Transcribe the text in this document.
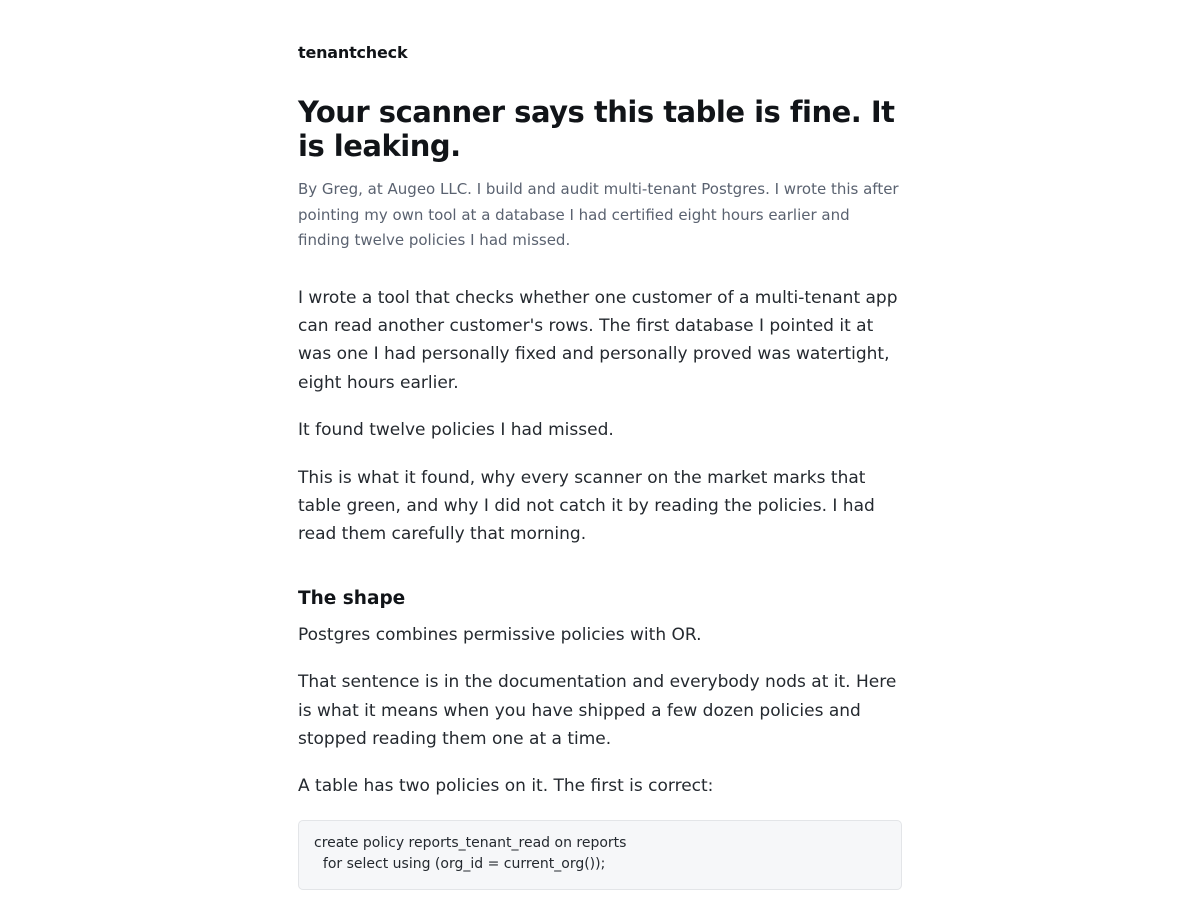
tenantcheck
Your scanner says this table is fine. It is leaking.

By Greg, at Augeo LLC. I build and audit multi-tenant Postgres. I wrote this after pointing my own tool at a database I had certified eight hours earlier and finding twelve policies I had missed.

I wrote a tool that checks whether one customer of a multi-tenant app can read another customer's rows. The first database I pointed it at was one I had personally fixed and personally proved was watertight, eight hours earlier.

It found twelve policies I had missed.

This is what it found, why every scanner on the market marks that table green, and why I did not catch it by reading the policies. I had read them carefully that morning.

The shape

Postgres combines permissive policies with OR.

That sentence is in the documentation and everybody nods at it. Here is what it means when you have shipped a few dozen policies and stopped reading them one at a time.

A table has two policies on it. The first is correct:

create policy reports_tenant_read on reports
for select using (org_id = current_org());
